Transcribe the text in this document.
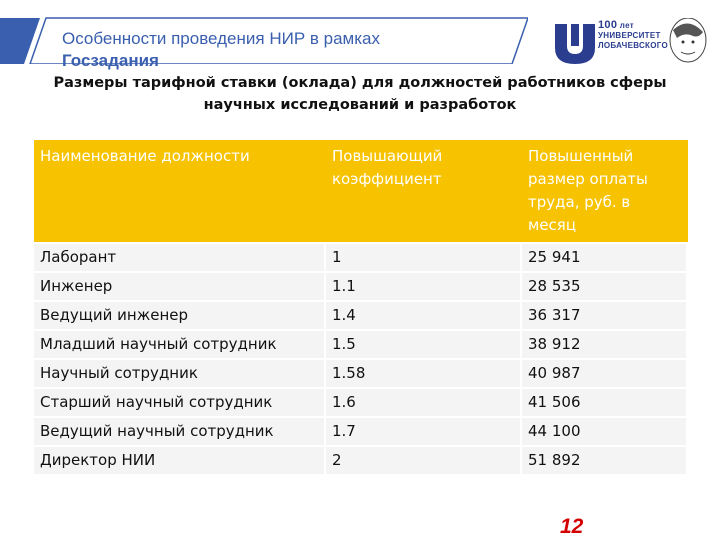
Особенности проведения НИР в рамках
Госзадания
100 лет
УНИВЕРСИТЕТ
ЛОБАЧЕВСКОГО
Размеры тарифной ставки (оклада) для должностей работников сферы
научных исследований и разработок
Наименование должности	Повышающий коэффициент	Повышенный размер оплаты труда, руб. в месяц
Лаборант	1	25 941
Инженер	1.1	28 535
Ведущий инженер	1.4	36 317
Младший научный сотрудник	1.5	38 912
Научный сотрудник	1.58	40 987
Старший научный сотрудник	1.6	41 506
Ведущий научный сотрудник	1.7	44 100
Директор НИИ	2	51 892
12
